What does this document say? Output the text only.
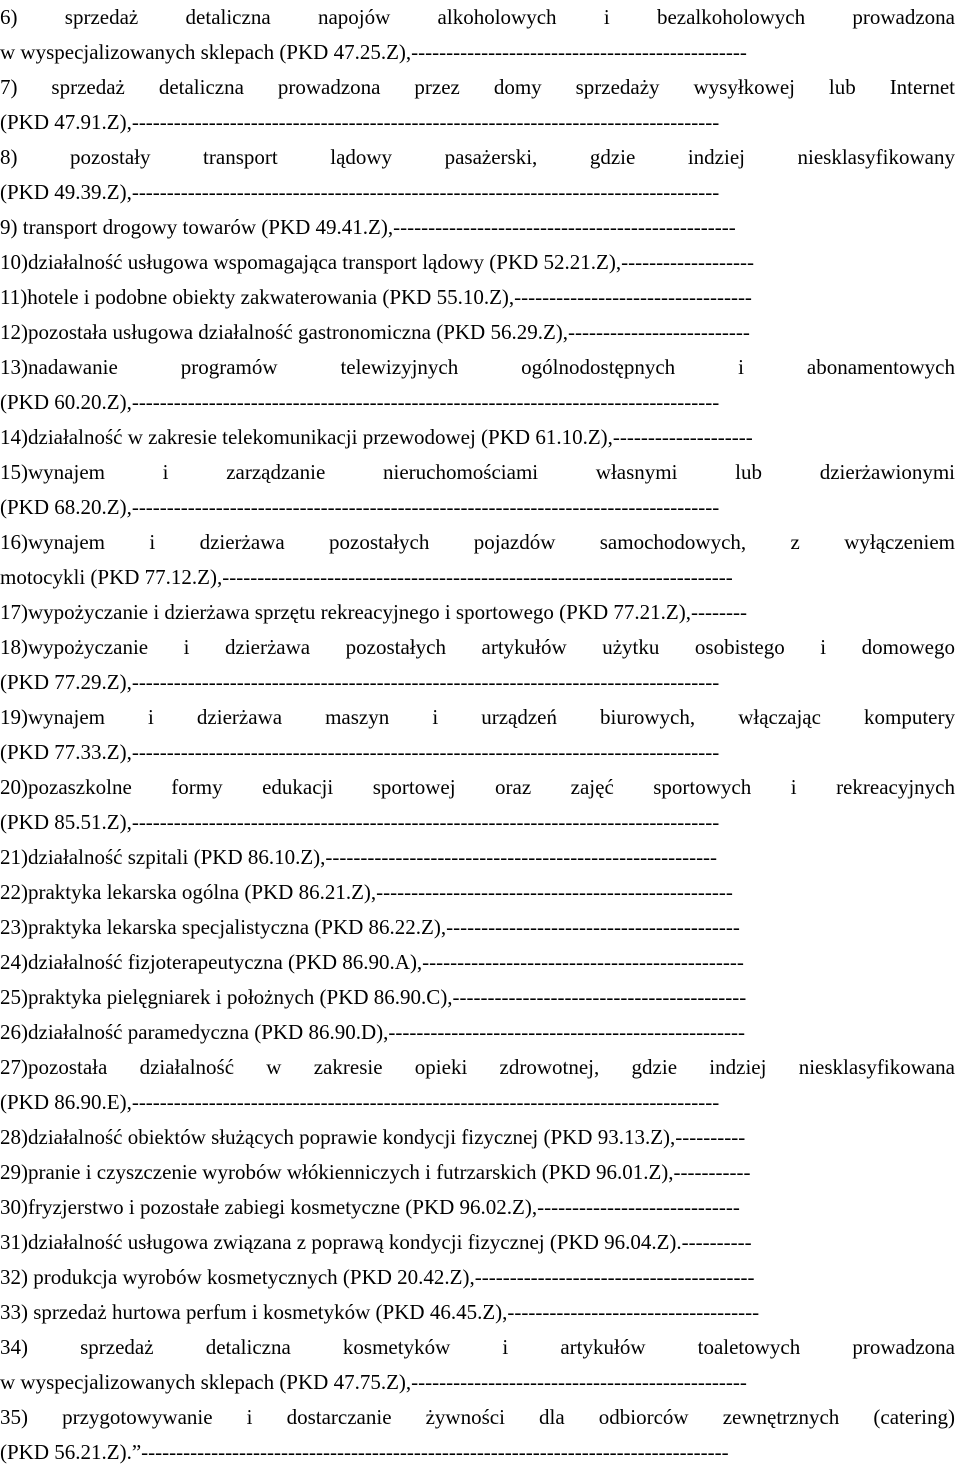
6) sprzedaż detaliczna napojów alkoholowych i bezalkoholowych prowadzona
w wyspecjalizowanych sklepach (PKD 47.25.Z),------------------------------------------------
7) sprzedaż detaliczna prowadzona przez domy sprzedaży wysyłkowej lub Internet
(PKD 47.91.Z),------------------------------------------------------------------------------------
8) pozostały transport lądowy pasażerski, gdzie indziej niesklasyfikowany
(PKD 49.39.Z),------------------------------------------------------------------------------------
9) transport drogowy towarów (PKD 49.41.Z),-------------------------------------------------
10)działalność usługowa wspomagająca transport lądowy (PKD 52.21.Z),-------------------
11)hotele i podobne obiekty zakwaterowania (PKD 55.10.Z),----------------------------------
12)pozostała usługowa działalność gastronomiczna (PKD 56.29.Z),--------------------------
13)nadawanie programów telewizyjnych ogólnodostępnych i abonamentowych
(PKD 60.20.Z),------------------------------------------------------------------------------------
14)działalność w zakresie telekomunikacji przewodowej (PKD 61.10.Z),--------------------
15)wynajem i zarządzanie nieruchomościami własnymi lub dzierżawionymi
(PKD 68.20.Z),------------------------------------------------------------------------------------
16)wynajem i dzierżawa pozostałych pojazdów samochodowych, z wyłączeniem
motocykli (PKD 77.12.Z),-------------------------------------------------------------------------
17)wypożyczanie i dzierżawa sprzętu rekreacyjnego i sportowego (PKD 77.21.Z),--------
18)wypożyczanie i dzierżawa pozostałych artykułów użytku osobistego i domowego
(PKD 77.29.Z),------------------------------------------------------------------------------------
19)wynajem i dzierżawa maszyn i urządzeń biurowych, włączając komputery
(PKD 77.33.Z),------------------------------------------------------------------------------------
20)pozaszkolne formy edukacji sportowej oraz zajęć sportowych i rekreacyjnych
(PKD 85.51.Z),------------------------------------------------------------------------------------
21)działalność szpitali (PKD 86.10.Z),--------------------------------------------------------
22)praktyka lekarska ogólna (PKD 86.21.Z),---------------------------------------------------
23)praktyka lekarska specjalistyczna (PKD 86.22.Z),------------------------------------------
24)działalność fizjoterapeutyczna (PKD 86.90.A),----------------------------------------------
25)praktyka pielęgniarek i położnych (PKD 86.90.C),------------------------------------------
26)działalność paramedyczna (PKD 86.90.D),---------------------------------------------------
27)pozostała działalność w zakresie opieki zdrowotnej, gdzie indziej niesklasyfikowana
(PKD 86.90.E),------------------------------------------------------------------------------------
28)działalność obiektów służących poprawie kondycji fizycznej (PKD 93.13.Z),----------
29)pranie i czyszczenie wyrobów włókienniczych i futrzarskich (PKD 96.01.Z),-----------
30)fryzjerstwo i pozostałe zabiegi kosmetyczne (PKD 96.02.Z),-----------------------------
31)działalność usługowa związana z poprawą kondycji fizycznej (PKD 96.04.Z).----------
32) produkcja wyrobów kosmetycznych (PKD 20.42.Z),----------------------------------------
33) sprzedaż hurtowa perfum i kosmetyków (PKD 46.45.Z),------------------------------------
34) sprzedaż detaliczna kosmetyków i artykułów toaletowych prowadzona
w wyspecjalizowanych sklepach (PKD 47.75.Z),------------------------------------------------
35) przygotowywanie i dostarczanie żywności dla odbiorców zewnętrznych (catering)
(PKD 56.21.Z).”------------------------------------------------------------------------------------
